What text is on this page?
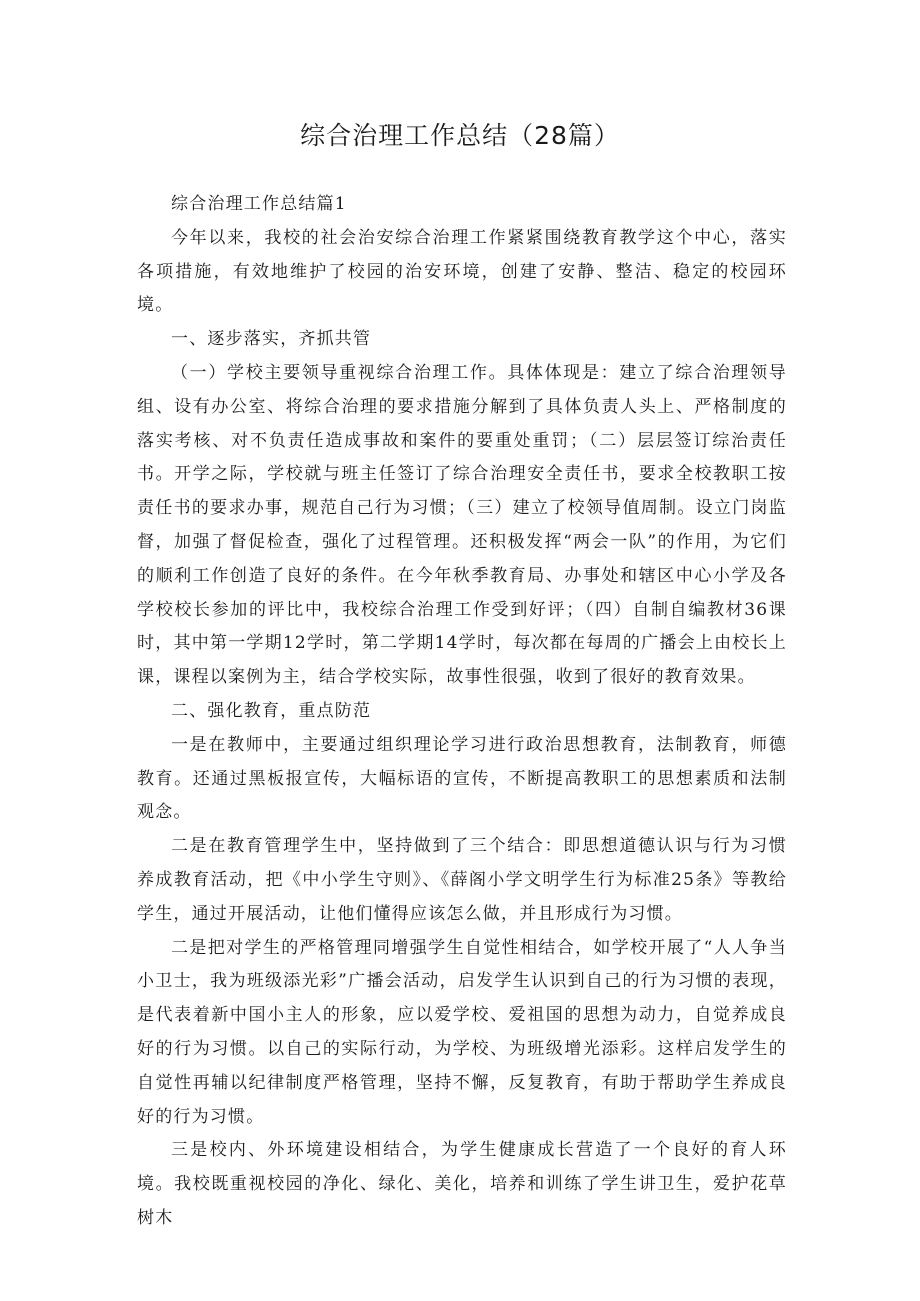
综合治理工作总结（28篇）

综合治理工作总结篇1

今年以来，我校的社会治安综合治理工作紧紧围绕教育教学这个中心，落实各项措施，有效地维护了校园的治安环境，创建了安静、整洁、稳定的校园环境。

一、逐步落实，齐抓共管

（一）学校主要领导重视综合治理工作。具体体现是：建立了综合治理领导组、设有办公室、将综合治理的要求措施分解到了具体负责人头上、严格制度的落实考核、对不负责任造成事故和案件的要重处重罚；（二）层层签订综治责任书。开学之际，学校就与班主任签订了综合治理安全责任书，要求全校教职工按责任书的要求办事，规范自己行为习惯；（三）建立了校领导值周制。设立门岗监督，加强了督促检查，强化了过程管理。还积极发挥“两会一队”的作用，为它们的顺利工作创造了良好的条件。在今年秋季教育局、办事处和辖区中心小学及各学校校长参加的评比中，我校综合治理工作受到好评；（四）自制自编教材36课时，其中第一学期12学时，第二学期14学时，每次都在每周的广播会上由校长上课，课程以案例为主，结合学校实际，故事性很强，收到了很好的教育效果。

二、强化教育，重点防范

一是在教师中，主要通过组织理论学习进行政治思想教育，法制教育，师德教育。还通过黑板报宣传，大幅标语的宣传，不断提高教职工的思想素质和法制观念。

二是在教育管理学生中，坚持做到了三个结合：即思想道德认识与行为习惯养成教育活动，把《中小学生守则》、《薛阁小学文明学生行为标准25条》等教给学生，通过开展活动，让他们懂得应该怎么做，并且形成行为习惯。

二是把对学生的严格管理同增强学生自觉性相结合，如学校开展了“人人争当小卫士，我为班级添光彩”广播会活动，启发学生认识到自己的行为习惯的表现，是代表着新中国小主人的形象，应以爱学校、爱祖国的思想为动力，自觉养成良好的行为习惯。以自己的实际行动，为学校、为班级增光添彩。这样启发学生的自觉性再辅以纪律制度严格管理，坚持不懈，反复教育，有助于帮助学生养成良好的行为习惯。

三是校内、外环境建设相结合，为学生健康成长营造了一个良好的育人环境。我校既重视校园的净化、绿化、美化，培养和训练了学生讲卫生，爱护花草树木
